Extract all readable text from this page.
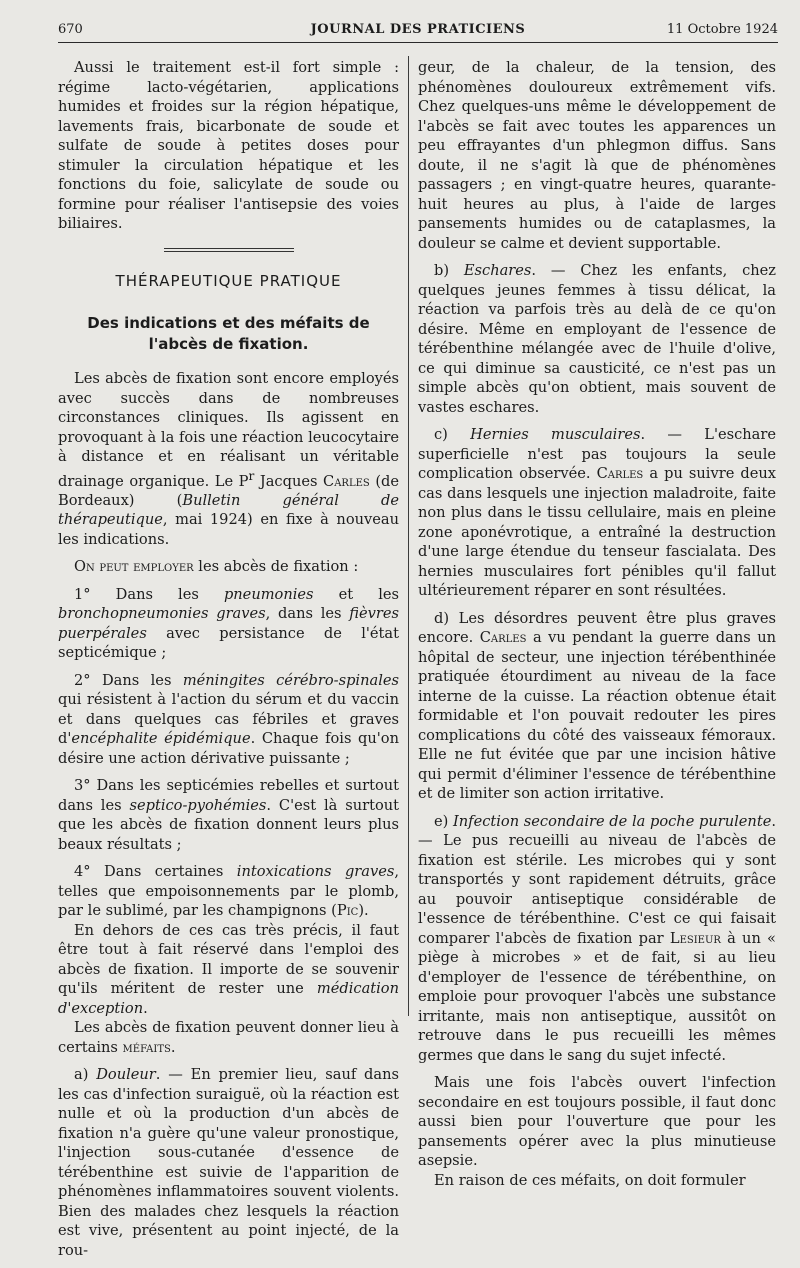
670	JOURNAL DES PRATICIENS	11 Octobre 1924

Aussi le traitement est-il fort simple : régime lacto-végétarien, applications humides et froides sur la région hépatique, lavements frais, bicarbonate de soude et sulfate de soude à petites doses pour stimuler la circulation hépatique et les fonctions du foie, salicylate de soude ou formine pour réaliser l'antisepsie des voies biliaires.

THÉRAPEUTIQUE PRATIQUE
Des indications et des méfaits de l'abcès de fixation.

Les abcès de fixation sont encore employés avec succès dans de nombreuses circonstances cliniques. Ils agissent en provoquant à la fois une réaction leucocytaire à distance et en réalisant un véritable drainage organique. Le $P^r$ Jacques Carles (de Bordeaux) (Bulletin général de thérapeutique, mai 1924) en fixe à nouveau les indications.

On peut employer les abcès de fixation :

1° Dans les pneumonies et les bronchopneumonies graves, dans les fièvres puerpérales avec persistance de l'état septicémique ;

2° Dans les méningites cérébro-spinales qui résistent à l'action du sérum et du vaccin et dans quelques cas fébriles et graves d'encéphalite épidémique. Chaque fois qu'on désire une action dérivative puissante ;

3° Dans les septicémies rebelles et surtout dans les septico-pyohémies. C'est là surtout que les abcès de fixation donnent leurs plus beaux résultats ;

4° Dans certaines intoxications graves, telles que empoisonnements par le plomb, par le sublimé, par les champignons (Pic).

En dehors de ces cas très précis, il faut être tout à fait réservé dans l'emploi des abcès de fixation. Il importe de se souvenir qu'ils méritent de rester une médication d'exception.

Les abcès de fixation peuvent donner lieu à certains méfaits.

a) Douleur. — En premier lieu, sauf dans les cas d'infection suraiguë, où la réaction est nulle et où la production d'un abcès de fixation n'a guère qu'une valeur pronostique, l'injection sous-cutanée d'essence de térébenthine est suivie de l'apparition de phénomènes inflammatoires souvent violents. Bien des malades chez lesquels la réaction est vive, présentent au point injecté, de la rou-

geur, de la chaleur, de la tension, des phénomènes douloureux extrêmement vifs. Chez quelques-uns même le développement de l'abcès se fait avec toutes les apparences un peu effrayantes d'un phlegmon diffus. Sans doute, il ne s'agit là que de phénomènes passagers ; en vingt-quatre heures, quarante-huit heures au plus, à l'aide de larges pansements humides ou de cataplasmes, la douleur se calme et devient supportable.

b) Eschares. — Chez les enfants, chez quelques jeunes femmes à tissu délicat, la réaction va parfois très au delà de ce qu'on désire. Même en employant de l'essence de térébenthine mélangée avec de l'huile d'olive, ce qui diminue sa causticité, ce n'est pas un simple abcès qu'on obtient, mais souvent de vastes eschares.

c) Hernies musculaires. — L'eschare superficielle n'est pas toujours la seule complication observée. Carles a pu suivre deux cas dans lesquels une injection maladroite, faite non plus dans le tissu cellulaire, mais en pleine zone aponévrotique, a entraîné la destruction d'une large étendue du tenseur fascialata. Des hernies musculaires fort pénibles qu'il fallut ultérieurement réparer en sont résultées.

d) Les désordres peuvent être plus graves encore. Carles a vu pendant la guerre dans un hôpital de secteur, une injection térébenthinée pratiquée étourdiment au niveau de la face interne de la cuisse. La réaction obtenue était formidable et l'on pouvait redouter les pires complications du côté des vaisseaux fémoraux. Elle ne fut évitée que par une incision hâtive qui permit d'éliminer l'essence de térébenthine et de limiter son action irritative.

e) Infection secondaire de la poche purulente. — Le pus recueilli au niveau de l'abcès de fixation est stérile. Les microbes qui y sont transportés y sont rapidement détruits, grâce au pouvoir antiseptique considérable de l'essence de térébenthine. C'est ce qui faisait comparer l'abcès de fixation par Lesieur à un « piège à microbes » et de fait, si au lieu d'employer de l'essence de térébenthine, on emploie pour provoquer l'abcès une substance irritante, mais non antiseptique, aussitôt on retrouve dans le pus recueilli les mêmes germes que dans le sang du sujet infecté.

Mais une fois l'abcès ouvert l'infection secondaire en est toujours possible, il faut donc aussi bien pour l'ouverture que pour les pansements opérer avec la plus minutieuse asepsie.

En raison de ces méfaits, on doit formuler
